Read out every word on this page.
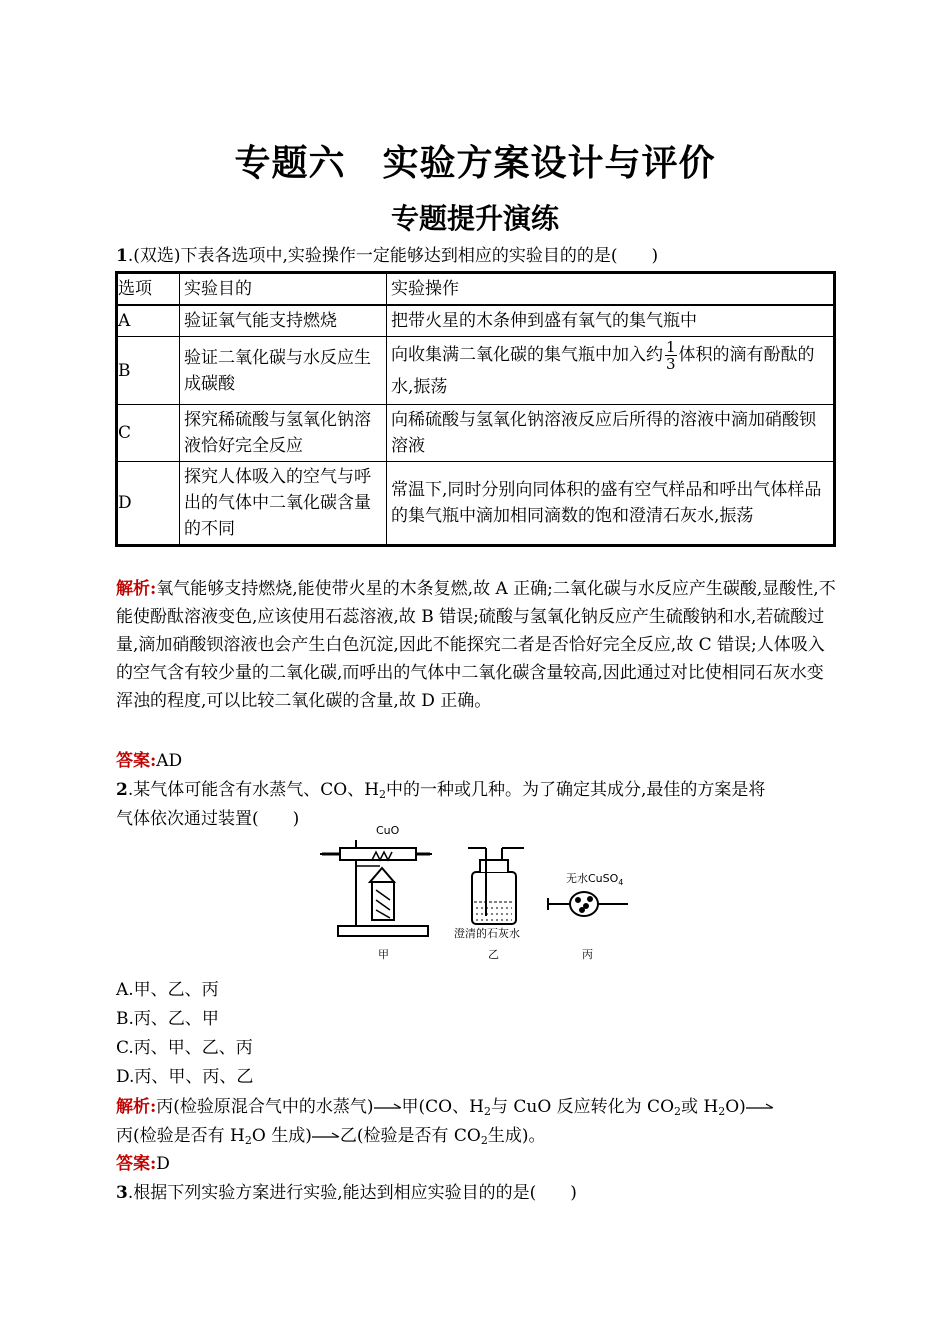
专题六　实验方案设计与评价
专题提升演练
1.(双选)下表各选项中,实验操作一定能够达到相应的实验目的的是(　　)
选项	实验目的	实验操作
A	验证氧气能支持燃烧	把带火星的木条伸到盛有氧气的集气瓶中
B	验证二氧化碳与水反应生成碳酸	向收集满二氧化碳的集气瓶中加入约 $\frac{1}{3}$ 体积的滴有酚酞的水,振荡
C	探究稀硫酸与氢氧化钠溶液恰好完全反应	向稀硫酸与氢氧化钠溶液反应后所得的溶液中滴加硝酸钡溶液
D	探究人体吸入的空气与呼出的气体中二氧化碳含量的不同	常温下,同时分别向同体积的盛有空气样品和呼出气体样品的集气瓶中滴加相同滴数的饱和澄清石灰水,振荡
解析:氧气能够支持燃烧,能使带火星的木条复燃,故 A 正确;二氧化碳与水反应产生碳酸,显酸性,不能使酚酞溶液变色,应该使用石蕊溶液,故 B 错误;硫酸与氢氧化钠反应产生硫酸钠和水,若硫酸过量,滴加硝酸钡溶液也会产生白色沉淀,因此不能探究二者是否恰好完全反应,故 C 错误;人体吸入的空气含有较少量的二氧化碳,而呼出的气体中二氧化碳含量较高,因此通过对比使相同石灰水变浑浊的程度,可以比较二氧化碳的含量,故 D 正确。
答案:AD
2.某气体可能含有水蒸气、CO、$H_2$中的一种或几种。为了确定其成分,最佳的方案是将
气体依次通过装置(　　)
CuO
甲
澄清的石灰水
乙
无水CuSO$_4$
丙
A.甲、乙、丙
B.丙、乙、甲
C.丙、甲、乙、丙
D.丙、甲、丙、乙
解析:丙(检验原混合气中的水蒸气) 甲(CO、$H_2$与 CuO 反应转化为 $CO_2$或 $H_2O$)
丙(检验是否有 $H_2O$ 生成) 乙(检验是否有 $CO_2$生成)。
答案:D
3.根据下列实验方案进行实验,能达到相应实验目的的是(　　)
